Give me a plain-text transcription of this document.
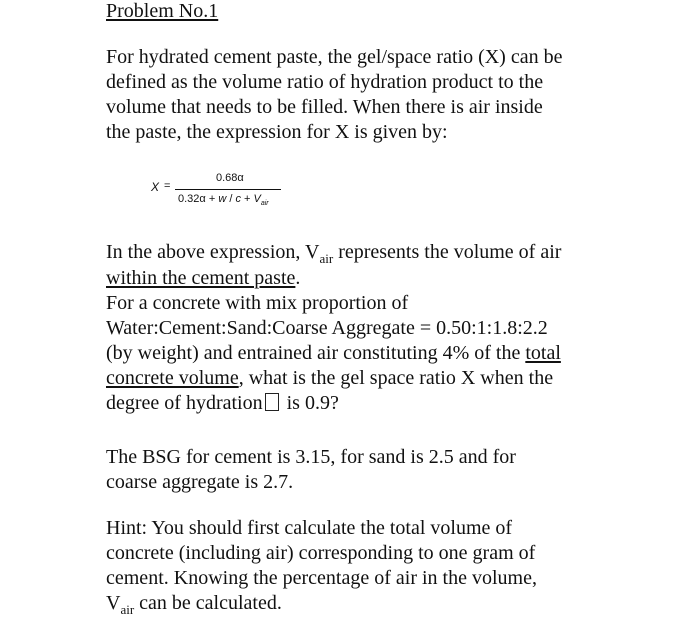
Problem No.1

For hydrated cement paste, the gel/space ratio (X) can be
defined as the volume ratio of hydration product to the
volume that needs to be filled. When there is air inside
the paste, the expression for X is given by:

X =
0.68α
$0.32\alpha + w / c + V_{air}$

In the above expression, $V_{air}$ represents the volume of air
within the cement paste.
For a concrete with mix proportion of
Water:Cement:Sand:Coarse Aggregate = 0.50:1:1.8:2.2
(by weight) and entrained air constituting 4% of the total
concrete volume, what is the gel space ratio X when the
degree of hydration is 0.9?

The BSG for cement is 3.15, for sand is 2.5 and for
coarse aggregate is 2.7.

Hint: You should first calculate the total volume of
concrete (including air) corresponding to one gram of
cement. Knowing the percentage of air in the volume,
$V_{air}$ can be calculated.
